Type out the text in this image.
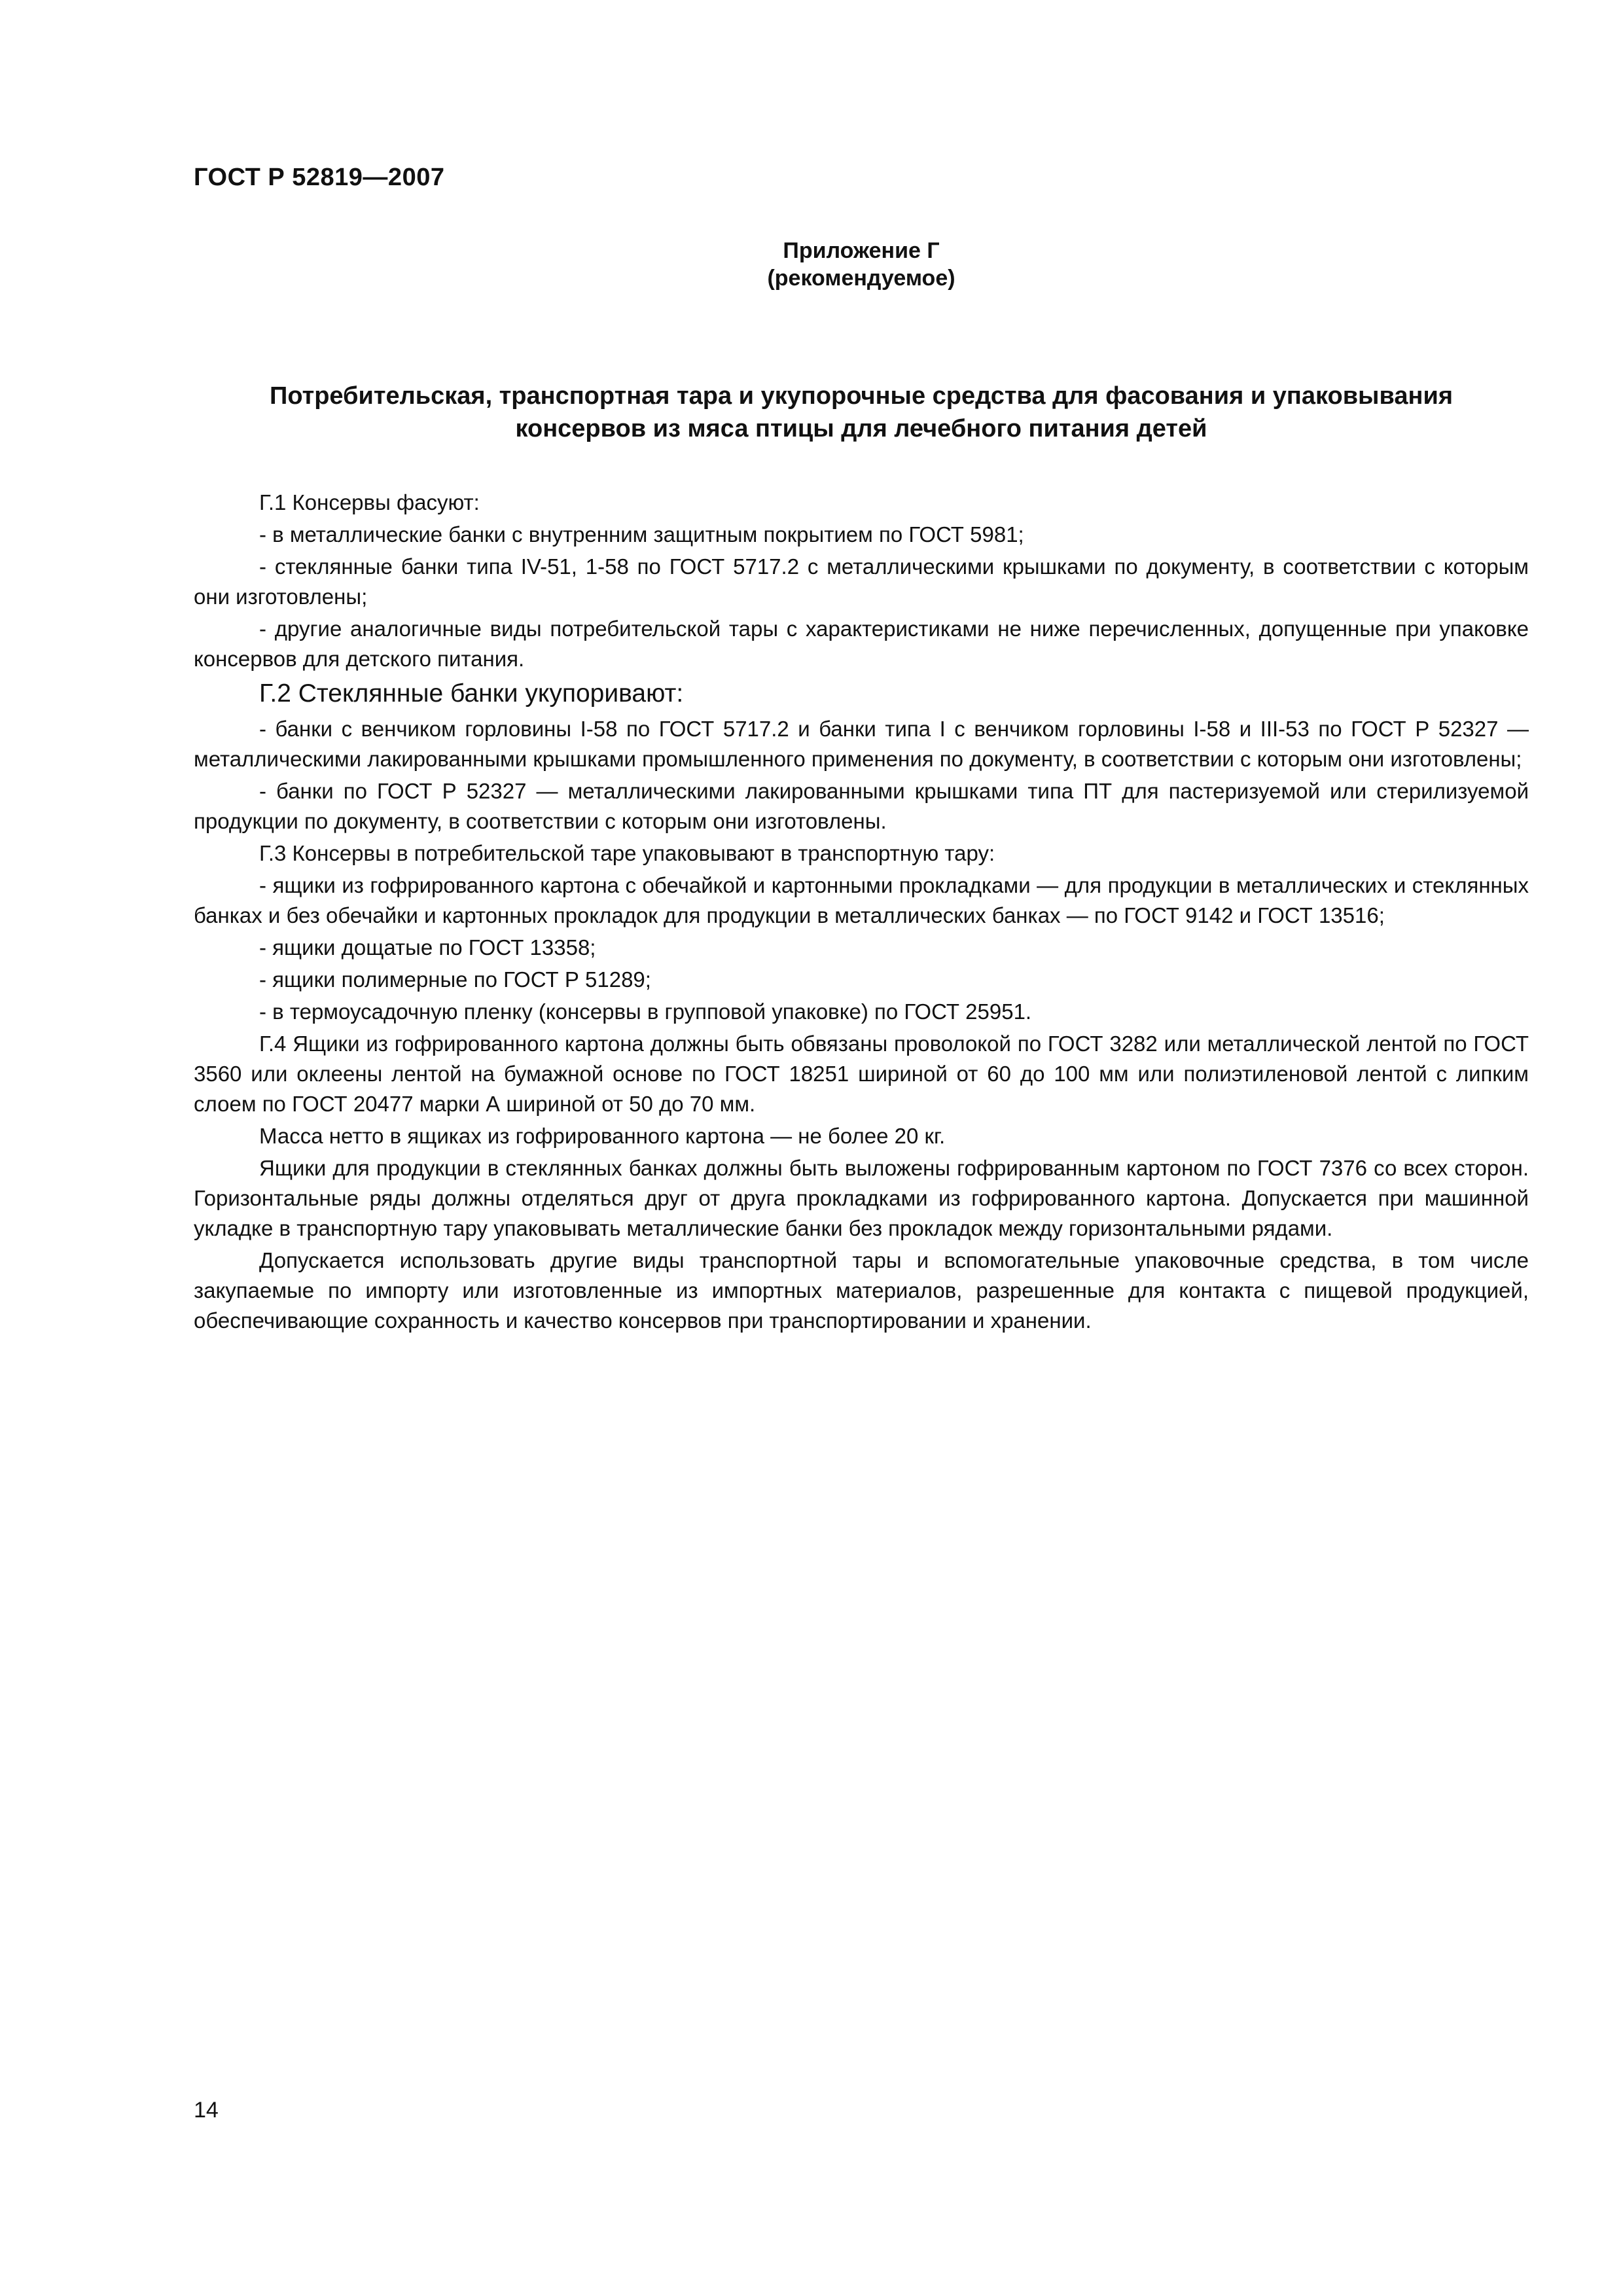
ГОСТ Р 52819—2007
Приложение Г
(рекомендуемое)
Потребительская, транспортная тара и укупорочные средства для фасования и упаковывания
консервов из мяса птицы для лечебного питания детей

Г.1 Консервы фасуют:

- в металлические банки с внутренним защитным покрытием по ГОСТ 5981;

- стеклянные банки типа IV-51, 1-58 по ГОСТ 5717.2 с металлическими крышками по документу, в соответствии с которым они изготовлены;

- другие аналогичные виды потребительской тары с характеристиками не ниже перечисленных, допущенные при упаковке консервов для детского питания.

Г.2 Стеклянные банки укупоривают:

- банки с венчиком горловины I-58 по ГОСТ 5717.2 и банки типа I с венчиком горловины I-58 и III-53 по ГОСТ Р 52327 — металлическими лакированными крышками промышленного применения по документу, в соответствии с которым они изготовлены;

- банки по ГОСТ Р 52327 — металлическими лакированными крышками типа ПТ для пастеризуемой или стерилизуемой продукции по документу, в соответствии с которым они изготовлены.

Г.3 Консервы в потребительской таре упаковывают в транспортную тару:

- ящики из гофрированного картона с обечайкой и картонными прокладками — для продукции в металлических и стеклянных банках и без обечайки и картонных прокладок для продукции в металлических банках — по ГОСТ 9142 и ГОСТ 13516;

- ящики дощатые по ГОСТ 13358;

- ящики полимерные по ГОСТ Р 51289;

- в термоусадочную пленку (консервы в групповой упаковке) по ГОСТ 25951.

Г.4 Ящики из гофрированного картона должны быть обвязаны проволокой по ГОСТ 3282 или металлической лентой по ГОСТ 3560 или оклеены лентой на бумажной основе по ГОСТ 18251 шириной от 60 до 100 мм или полиэтиленовой лентой с липким слоем по ГОСТ 20477 марки А шириной от 50 до 70 мм.

Масса нетто в ящиках из гофрированного картона — не более 20 кг.

Ящики для продукции в стеклянных банках должны быть выложены гофрированным картоном по ГОСТ 7376 со всех сторон. Горизонтальные ряды должны отделяться друг от друга прокладками из гофрированного картона. Допускается при машинной укладке в транспортную тару упаковывать металлические банки без прокладок между горизонтальными рядами.

Допускается использовать другие виды транспортной тары и вспомогательные упаковочные средства, в том числе закупаемые по импорту или изготовленные из импортных материалов, разрешенные для контакта с пищевой продукцией, обеспечивающие сохранность и качество консервов при транспортировании и хранении.

14
